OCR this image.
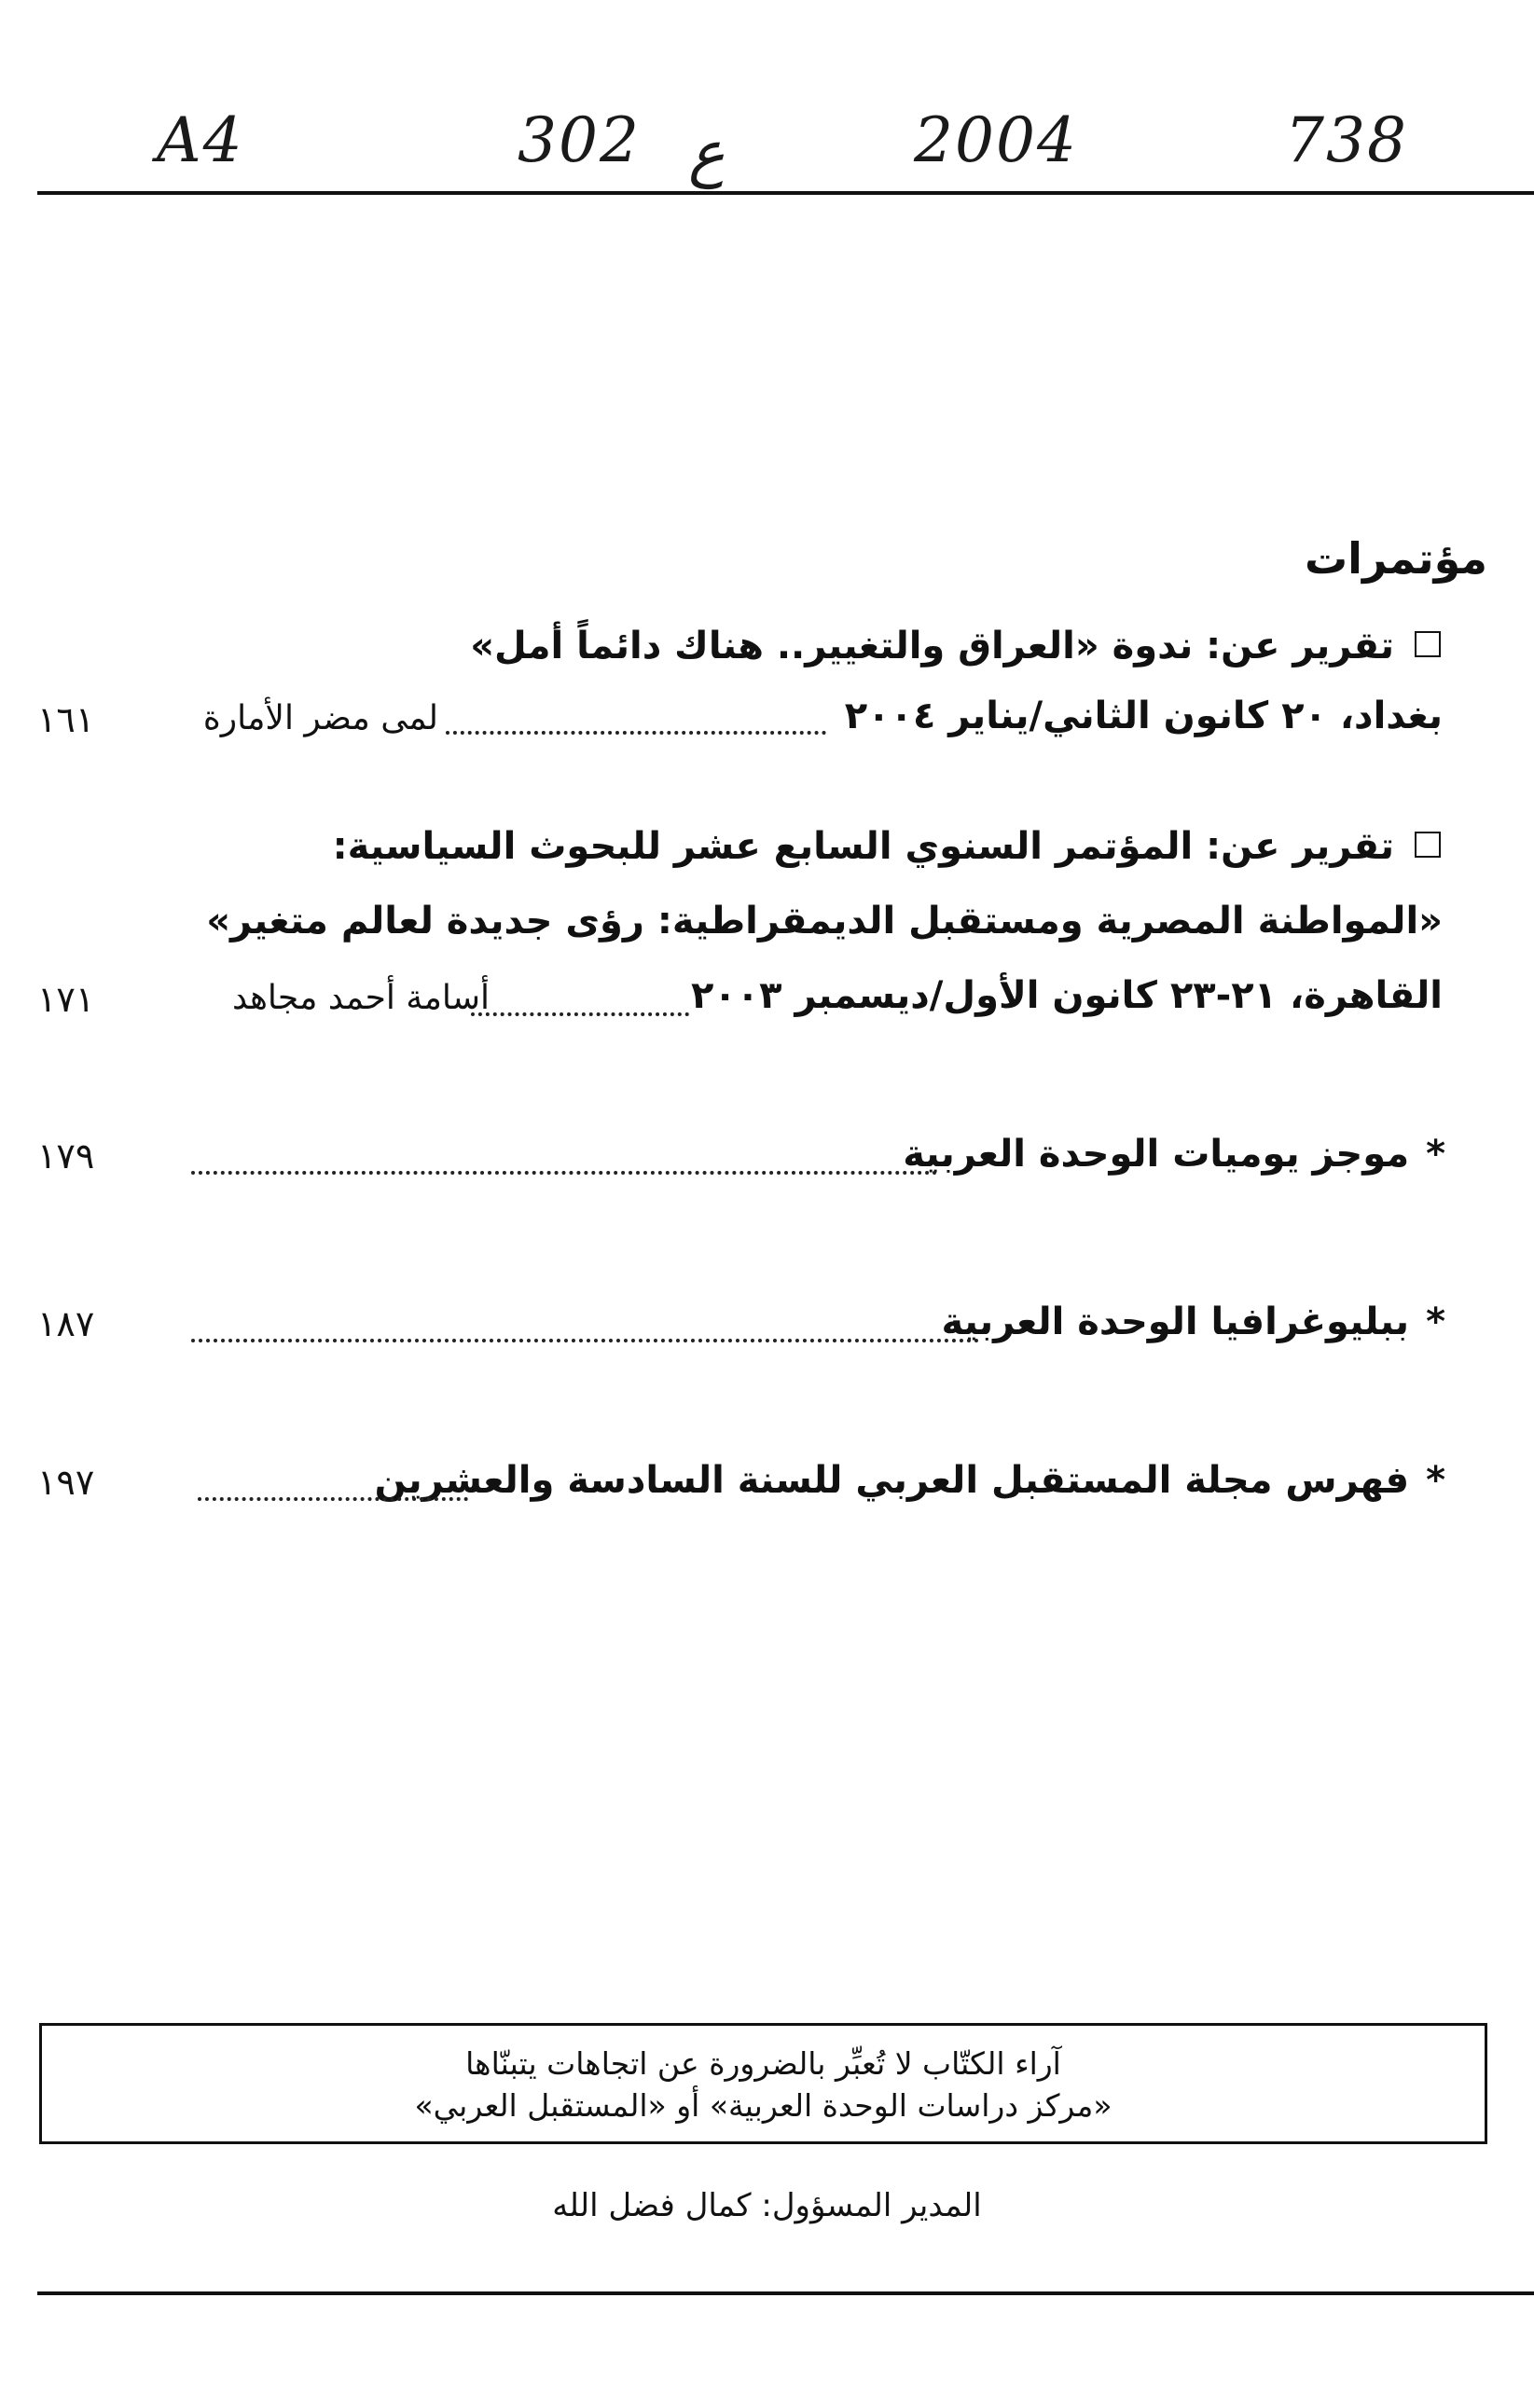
A4	302 ع	2004	738
مؤتمرات
تقرير عن: ندوة «العراق والتغيير.. هناك دائماً أمل»
بغداد، ٢٠ كانون الثاني/يناير ٢٠٠٤
لمى مضر الأمارة
١٦١
تقرير عن: المؤتمر السنوي السابع عشر للبحوث السياسية:
«المواطنة المصرية ومستقبل الديمقراطية: رؤى جديدة لعالم متغير»
القاهرة، ٢١-٢٣ كانون الأول/ديسمبر ٢٠٠٣
أسامة أحمد مجاهد
١٧١
*موجز يوميات الوحدة العربية
١٧٩
*ببليوغرافيا الوحدة العربية
١٨٧
*فهرس مجلة المستقبل العربي للسنة السادسة والعشرين
١٩٧
آراء الكتّاب لا تُعبِّر بالضرورة عن اتجاهات يتبنّاها
«مركز دراسات الوحدة العربية» أو «المستقبل العربي»
المدير المسؤول: كمال فضل الله
